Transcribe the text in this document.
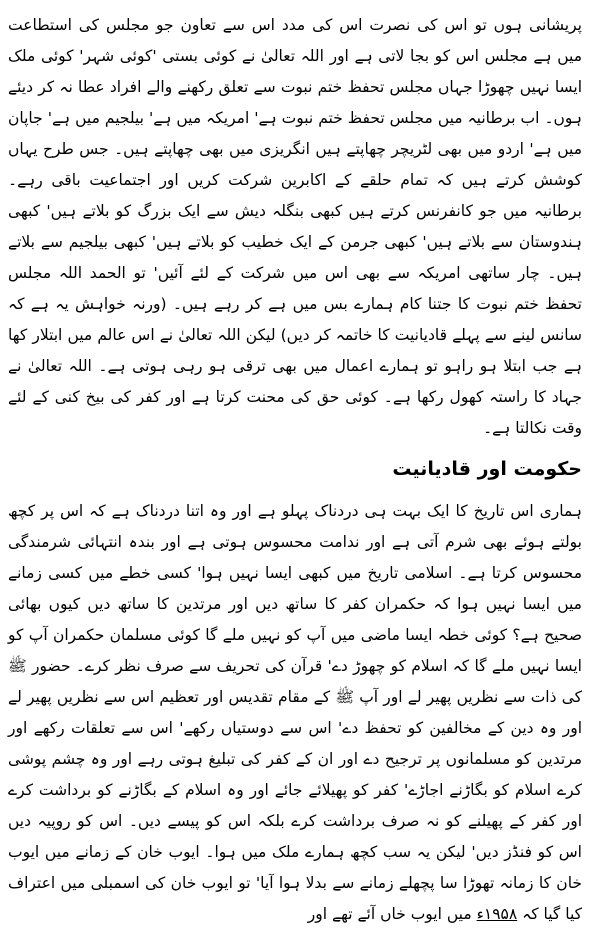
پریشانی ہوں تو اس کی نصرت اس کی مدد اس سے تعاون جو مجلس کی استطاعت میں ہے مجلس اس کو بجا لاتی ہے اور اللہ تعالیٰ نے کوئی بستی 'کوئی شہر' کوئی ملک ایسا نہیں چھوڑا جہاں مجلس تحفظ ختم نبوت سے تعلق رکھنے والے افراد عطا نہ کر دیئے ہوں۔ اب برطانیہ میں مجلس تحفظ ختم نبوت ہے' امریکہ میں ہے' بیلجیم میں ہے' جاپان میں ہے' اردو میں بھی لٹریچر چھاپتے ہیں انگریزی میں بھی چھاپتے ہیں۔ جس طرح یہاں کوشش کرتے ہیں کہ تمام حلقے کے اکابرین شرکت کریں اور اجتماعیت باقی رہے۔ برطانیہ میں جو کانفرنس کرتے ہیں کبھی بنگلہ دیش سے ایک بزرگ کو بلاتے ہیں' کبھی ہندوستان سے بلاتے ہیں' کبھی جرمن کے ایک خطیب کو بلاتے ہیں' کبھی بیلجیم سے بلاتے ہیں۔ چار ساتھی امریکہ سے بھی اس میں شرکت کے لئے آئیں' تو الحمد اللہ مجلس تحفظ ختم نبوت کا جتنا کام ہمارے بس میں ہے کر رہے ہیں۔ (ورنہ خواہش یہ ہے کہ سانس لینے سے پہلے قادیانیت کا خاتمہ کر دیں) لیکن اللہ تعالیٰ نے اس عالم میں ابتلار کھا ہے جب ابتلا ہو راہو تو ہمارے اعمال میں بھی ترقی ہو رہی ہوتی ہے۔ اللہ تعالیٰ نے جہاد کا راستہ کھول رکھا ہے۔ کوئی حق کی محنت کرتا ہے اور کفر کی بیخ کنی کے لئے وقت نکالتا ہے۔

حکومت اور قادیانیت

ہماری اس تاریخ کا ایک بہت ہی دردناک پہلو ہے اور وہ اتنا دردناک ہے کہ اس پر کچھ بولتے ہوئے بھی شرم آتی ہے اور ندامت محسوس ہوتی ہے اور بندہ انتہائی شرمندگی محسوس کرتا ہے۔ اسلامی تاریخ میں کبھی ایسا نہیں ہوا' کسی خطے میں کسی زمانے میں ایسا نہیں ہوا کہ حکمران کفر کا ساتھ دیں اور مرتدین کا ساتھ دیں کیوں بھائی صحیح ہے؟ کوئی خطہ ایسا ماضی میں آپ کو نہیں ملے گا کوئی مسلمان حکمران آپ کو ایسا نہیں ملے گا کہ اسلام کو چھوڑ دے' قرآن کی تحریف سے صرف نظر کرے۔ حضور ﷺ کی ذات سے نظریں پھیر لے اور آپ ﷺ کے مقام تقدیس اور تعظیم اس سے نظریں پھیر لے اور وہ دین کے مخالفین کو تحفظ دے' اس سے دوستیاں رکھے' اس سے تعلقات رکھے اور مرتدین کو مسلمانوں پر ترجیح دے اور ان کے کفر کی تبلیغ ہوتی رہے اور وہ چشم پوشی کرے اسلام کو بگاڑنے اجاڑے' کفر کو پھیلائے جائے اور وہ اسلام کے بگاڑنے کو برداشت کرے اور کفر کے پھیلنے کو نہ صرف برداشت کرے بلکہ اس کو پیسے دیں۔ اس کو روپیہ دیں اس کو فنڈز دیں' لیکن یہ سب کچھ ہمارے ملک میں ہوا۔ ایوب خان کے زمانے میں ایوب خان کا زمانہ تھوڑا سا پچھلے زمانے سے بدلا ہوا آیا' تو ایوب خان کی اسمبلی میں اعتراف کیا گیا کہ ۱۹۵۸ء میں ایوب خاں آئے تھے اور
